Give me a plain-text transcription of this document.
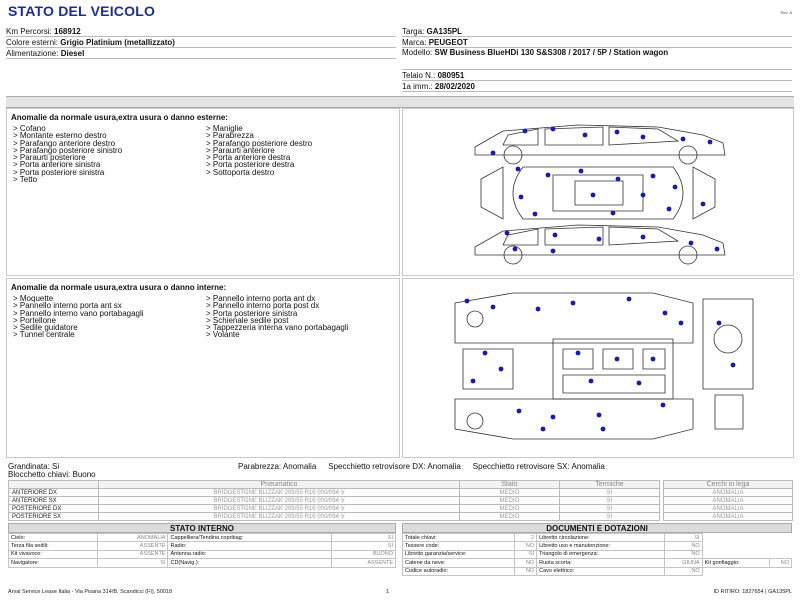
STATO DEL VEICOLO	Rev. A
Km Percorsi: 168912
Colore esterni: Grigio Platinium (metallizzato)
Alimentazione: Diesel
Targa: GA135PL
Marca: PEUGEOT
Modello: SW Business BlueHDi 130 S&S308 / 2017 / 5P / Station wagon
Telaio N.: 080951
1a imm.: 28/02/2020
Anomalie da normale usura,extra usura o danno esterne:
> Cofano
> Montante esterno destro
> Parafango anteriore destro
> Parafango posteriore sinistro
> Paraurti posteriore
> Porta anteriore sinistra
> Porta posteriore sinistra
> Tetto
> Maniglie
> Parabrezza
> Parafango posteriore destro
> Paraurti anteriore
> Porta anteriore destra
> Porta posteriore destra
> Sottoporta destro
Anomalie da normale usura,extra usura o danno interne:
> Moquette
> Pannello interno porta ant sx
> Pannello interno vano portabagagli
> Portellone
> Sedile guidatore
> Tunnel centrale
> Pannello interno porta ant dx
> Pannello interno porta post dx
> Porta posteriore sinistra
> Schienale sedile post
> Tappezzeria interna vano portabagagli
> Volante
Grandinata: Si	Parabrezza: Anomalia Specchietto retrovisore DX: Anomalia Specchietto retrovisore SX: Anomalia
Blocchetto chiavi: Buono
	Pneumatico	Stato	Termiche
ANTERIORE DX	BRIDGESTONE BLIZZAK 205/55 R16 000/094 V	MEDIO	SI
ANTERIORE SX	BRIDGESTONE BLIZZAK 205/55 R16 000/094 V	MEDIO	SI
POSTERIORE DX	BRIDGESTONE BLIZZAK 205/55 R16 000/094 V	MEDIO	SI
POSTERIORE SX	BRIDGESTONE BLIZZAK 205/55 R16 000/094 V	MEDIO	SI
Cerchi in lega
ANOMALIA
ANOMALIA
ANOMALIA
ANOMALIA
STATO INTERNO
Cielo:	ANOMALIA	Cappelliera/Tendina copribag:	SI
Terza fila sedili:	ASSENTE	Radio:	SI
Kit vivavoce:	ASSENTE	Antenna radio:	BUONO
Navigatore:	SI	CD(Navig.):	ASSENTE
DOCUMENTI E DOTAZIONI
Totale chiavi:	2	Libretto circolazione:	SI		
Tessere code:	NO	Libretto uso e manutenzione:	NO		
Libretto garanzia/service:	SI	Triangolo di emergenza:	NO		
Catene da neve:	NO	Ruota scorta:	GIUNA	Kit gonfiaggio:	NO
Codice autoradio:	NO	Cavo elettrico:	NO		
Arval Service Lease Italia - Via Pisana 314/B, Scandicci (FI), 50018	1	ID RITIRO: 1827654 | GA135PL
